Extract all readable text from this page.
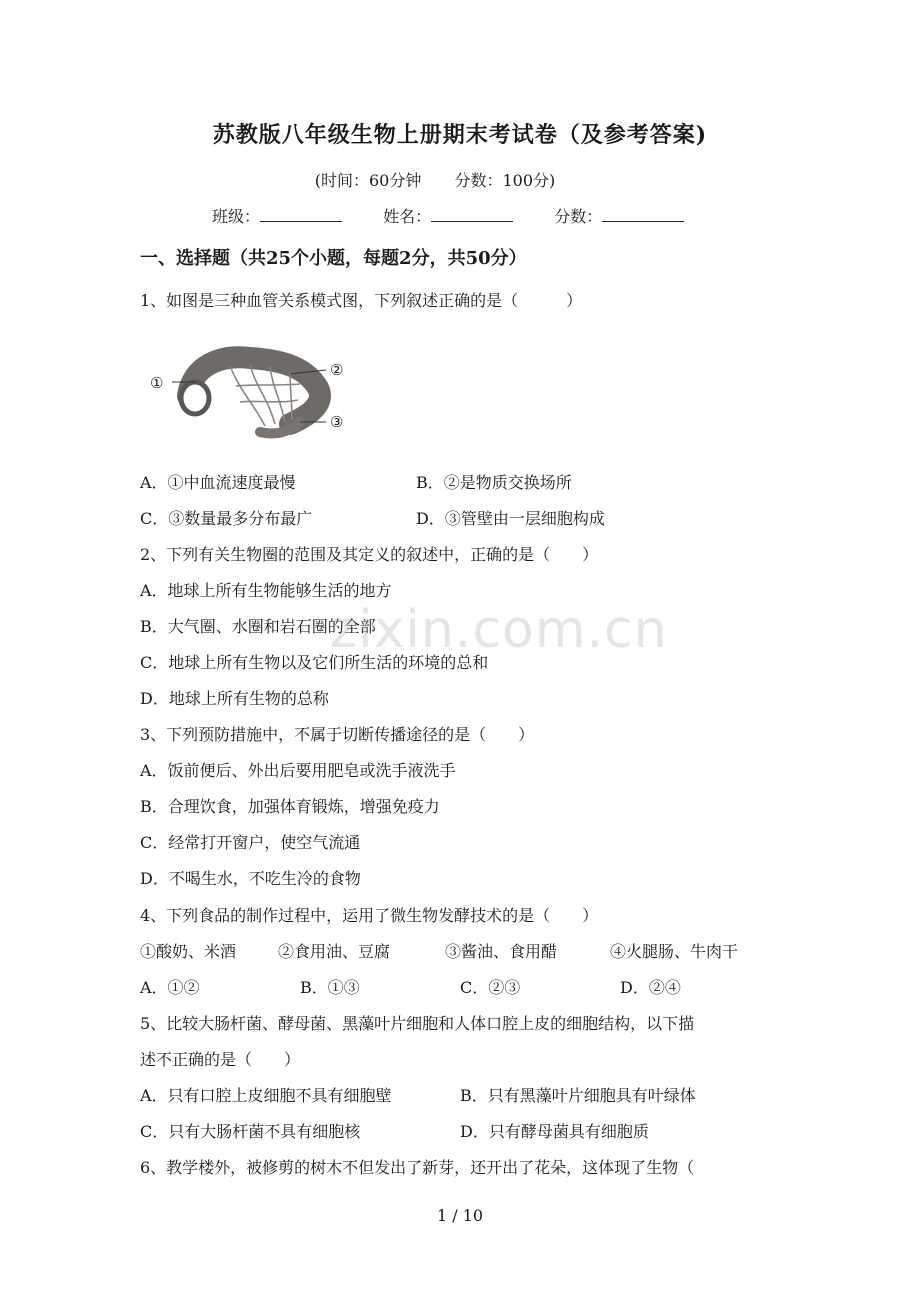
苏教版八年级生物上册期末考试卷（及参考答案)
(时间：60分钟 分数：100分)
班级：	姓名：	分数：
一、选择题（共25个小题，每题2分，共50分）
1、如图是三种血管关系模式图，下列叙述正确的是（　　　）
①
②
③
A．①中血流速度最慢	B．②是物质交换场所
C．③数量最多分布最广	D．③管壁由一层细胞构成
2、下列有关生物圈的范围及其定义的叙述中，正确的是（　　）
A．地球上所有生物能够生活的地方
B．大气圈、水圈和岩石圈的全部
C．地球上所有生物以及它们所生活的环境的总和
D．地球上所有生物的总称
3、下列预防措施中，不属于切断传播途径的是（　　）
A．饭前便后、外出后要用肥皂或洗手液洗手
B．合理饮食，加强体育锻炼，增强免疫力
C．经常打开窗户，使空气流通
D．不喝生水，不吃生冷的食物
4、下列食品的制作过程中，运用了微生物发酵技术的是（　　）
①酸奶、米酒	②食用油、豆腐	③酱油、食用醋	④火腿肠、牛肉干
A．①②	B．①③	C．②③	D．②④
5、比较大肠杆菌、酵母菌、黑藻叶片细胞和人体口腔上皮的细胞结构，以下描
述不正确的是（　　）
A．只有口腔上皮细胞不具有细胞壁	B．只有黑藻叶片细胞具有叶绿体
C．只有大肠杆菌不具有细胞核	D．只有酵母菌具有细胞质
6、教学楼外，被修剪的树木不但发出了新芽，还开出了花朵，这体现了生物（
zixin.com.cn
1 / 10
